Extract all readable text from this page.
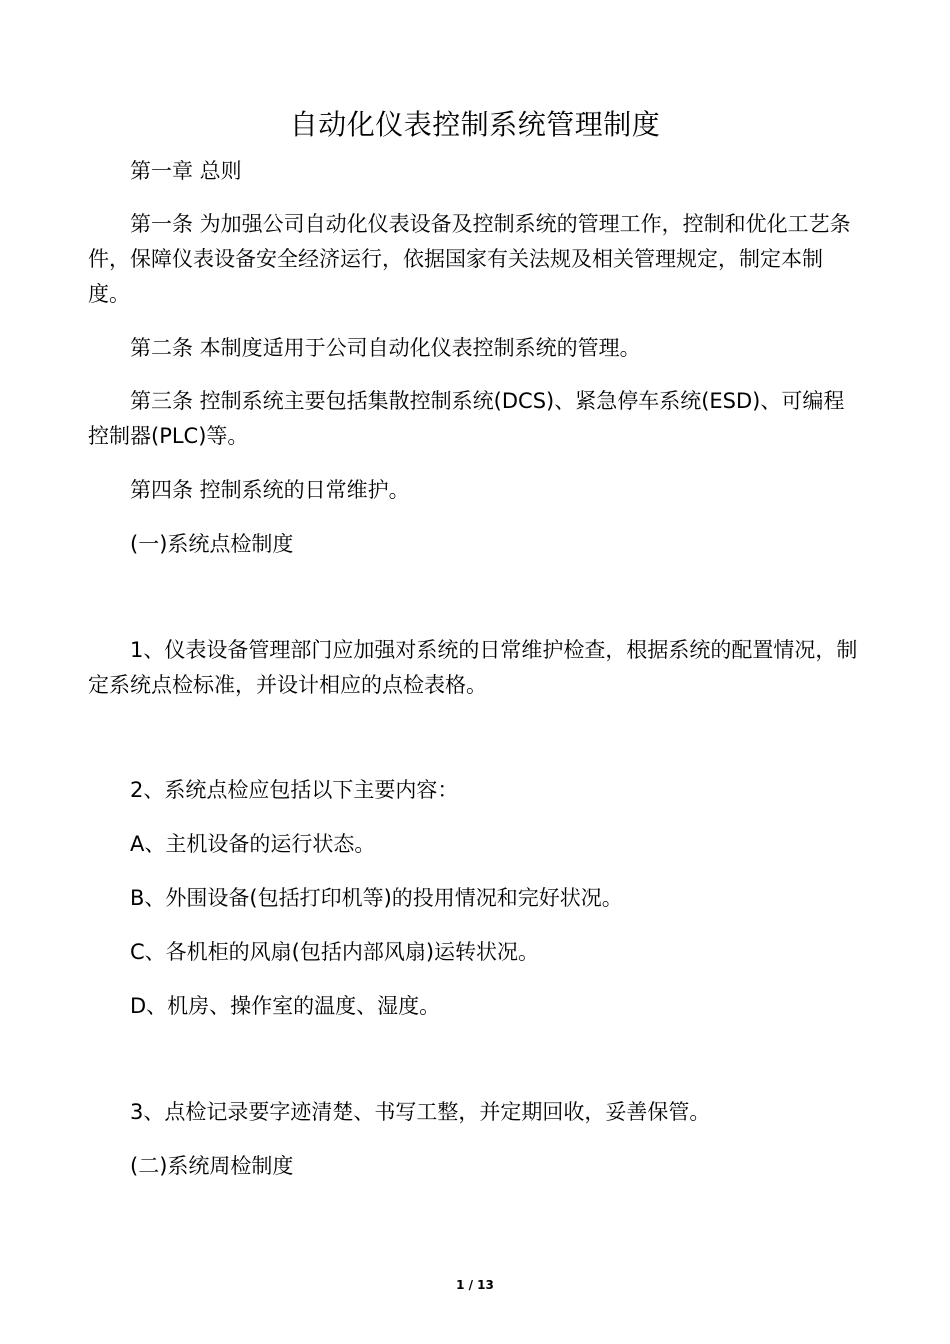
自动化仪表控制系统管理制度

第一章 总则

第一条 为加强公司自动化仪表设备及控制系统的管理工作，控制和优化工艺条件，保障仪表设备安全经济运行，依据国家有关法规及相关管理规定，制定本制度。

第二条 本制度适用于公司自动化仪表控制系统的管理。

第三条 控制系统主要包括集散控制系统(DCS)、紧急停车系统(ESD)、可编程控制器(PLC)等。

第四条 控制系统的日常维护。

(一)系统点检制度

1、仪表设备管理部门应加强对系统的日常维护检查，根据系统的配置情况，制定系统点检标准，并设计相应的点检表格。

2、系统点检应包括以下主要内容：

A、主机设备的运行状态。

B、外围设备(包括打印机等)的投用情况和完好状况。

C、各机柜的风扇(包括内部风扇)运转状况。

D、机房、操作室的温度、湿度。

3、点检记录要字迹清楚、书写工整，并定期回收，妥善保管。

(二)系统周检制度

1 / 13
